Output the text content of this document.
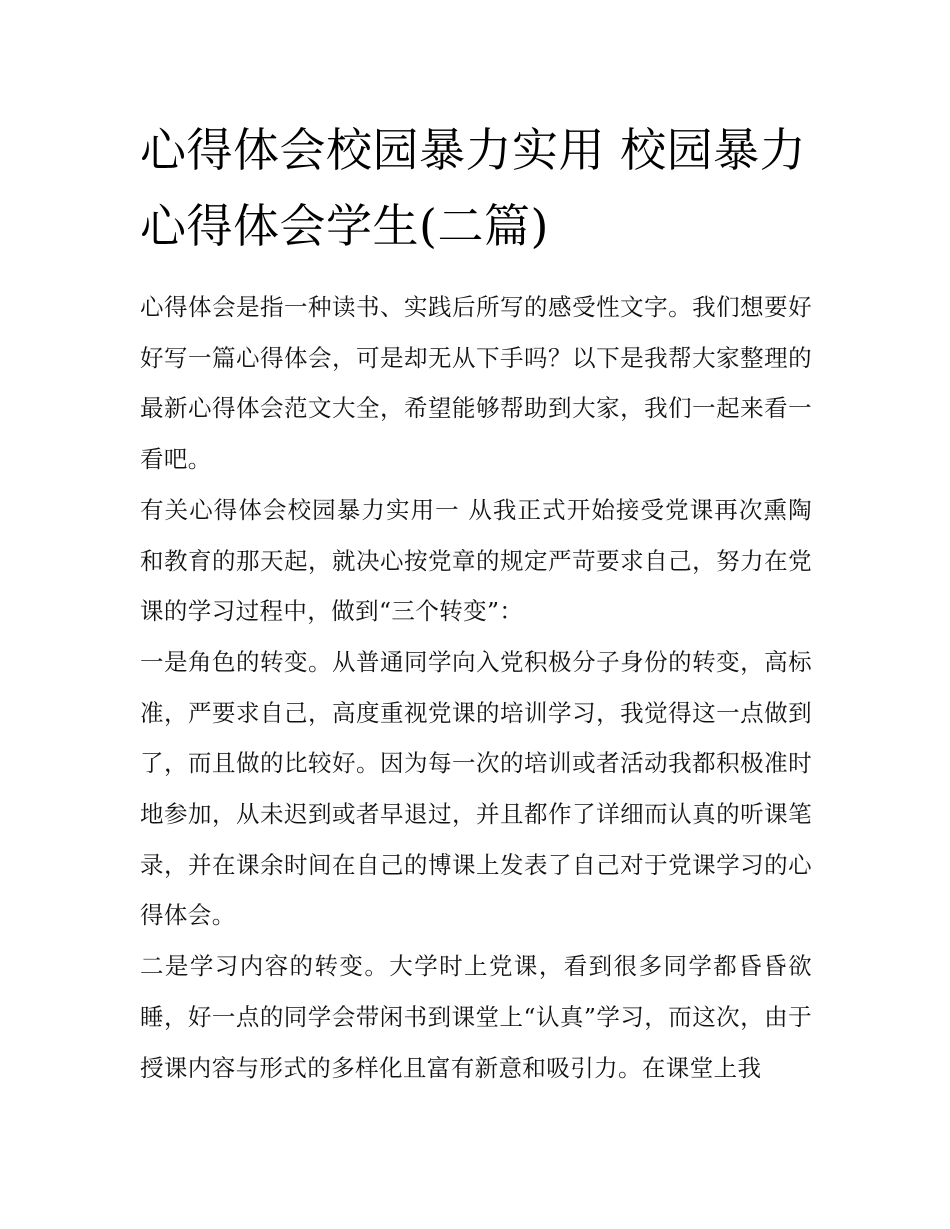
心得体会校园暴力实用 校园暴力心得体会学生(二篇)

心得体会是指一种读书、实践后所写的感受性文字。我们想要好好写一篇心得体会，可是却无从下手吗？以下是我帮大家整理的最新心得体会范文大全，希望能够帮助到大家，我们一起来看一看吧。

有关心得体会校园暴力实用一 从我正式开始接受党课再次熏陶和教育的那天起，就决心按党章的规定严苛要求自己，努力在党课的学习过程中，做到“三个转变”：

一是角色的转变。从普通同学向入党积极分子身份的转变，高标准，严要求自己，高度重视党课的培训学习，我觉得这一点做到了，而且做的比较好。因为每一次的培训或者活动我都积极准时地参加，从未迟到或者早退过，并且都作了详细而认真的听课笔录，并在课余时间在自己的博课上发表了自己对于党课学习的心得体会。

二是学习内容的转变。大学时上党课，看到很多同学都昏昏欲睡，好一点的同学会带闲书到课堂上“认真”学习，而这次，由于授课内容与形式的多样化且富有新意和吸引力。在课堂上我
